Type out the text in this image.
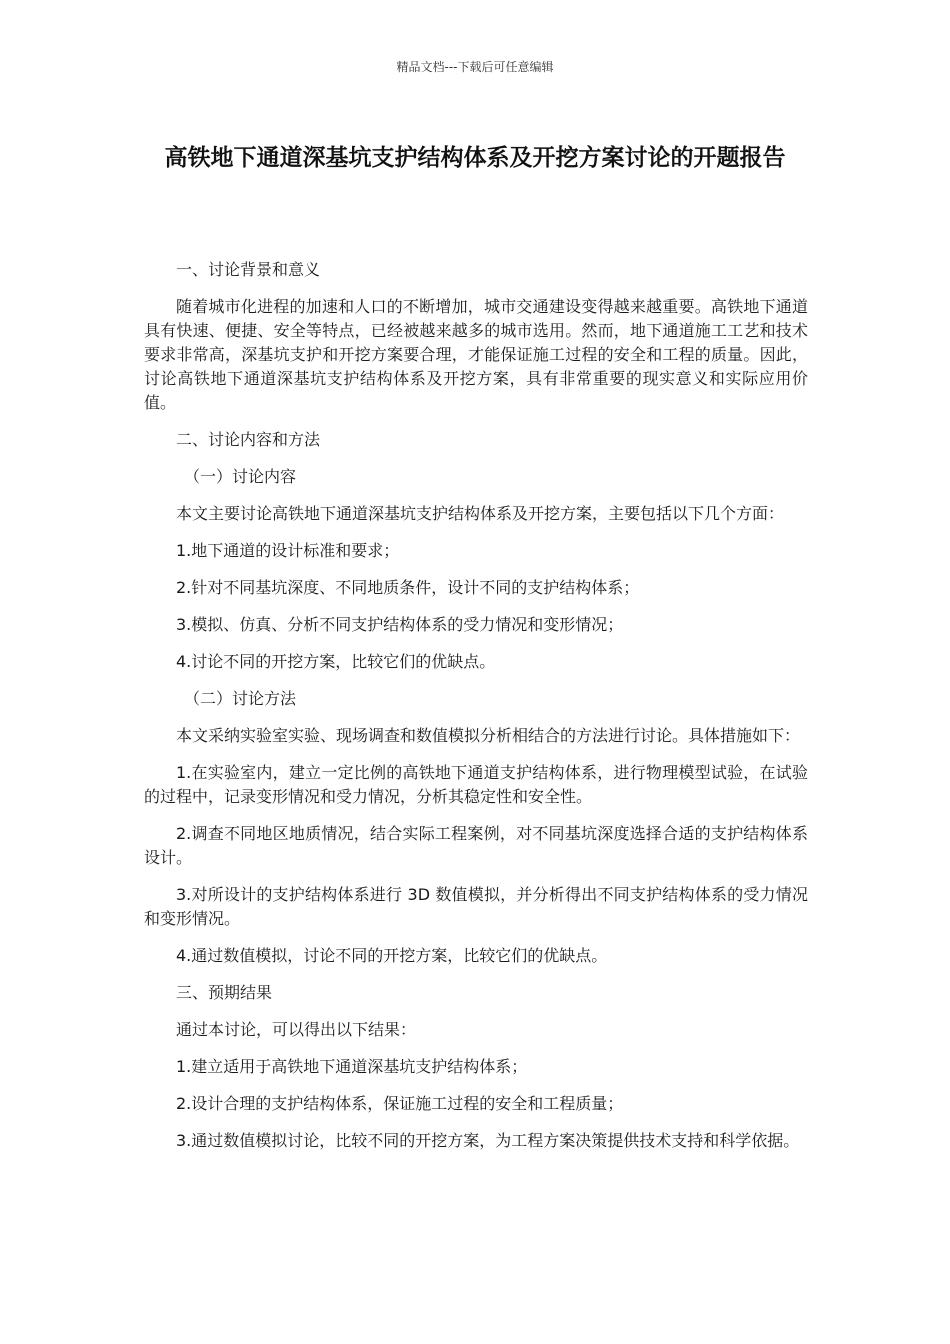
精品文档---下载后可任意编辑
高铁地下通道深基坑支护结构体系及开挖方案讨论的开题报告

一、讨论背景和意义

随着城市化进程的加速和人口的不断增加，城市交通建设变得越来越重要。高铁地下通道具有快速、便捷、安全等特点，已经被越来越多的城市选用。然而，地下通道施工工艺和技术要求非常高，深基坑支护和开挖方案要合理，才能保证施工过程的安全和工程的质量。因此，讨论高铁地下通道深基坑支护结构体系及开挖方案，具有非常重要的现实意义和实际应用价值。

二、讨论内容和方法

（一）讨论内容

本文主要讨论高铁地下通道深基坑支护结构体系及开挖方案，主要包括以下几个方面：

1.地下通道的设计标准和要求；

2.针对不同基坑深度、不同地质条件，设计不同的支护结构体系；

3.模拟、仿真、分析不同支护结构体系的受力情况和变形情况；

4.讨论不同的开挖方案，比较它们的优缺点。

（二）讨论方法

本文采纳实验室实验、现场调查和数值模拟分析相结合的方法进行讨论。具体措施如下：

1.在实验室内，建立一定比例的高铁地下通道支护结构体系，进行物理模型试验，在试验的过程中，记录变形情况和受力情况，分析其稳定性和安全性。

2.调查不同地区地质情况，结合实际工程案例，对不同基坑深度选择合适的支护结构体系设计。

3.对所设计的支护结构体系进行 3D 数值模拟，并分析得出不同支护结构体系的受力情况和变形情况。

4.通过数值模拟，讨论不同的开挖方案，比较它们的优缺点。

三、预期结果

通过本讨论，可以得出以下结果：

1.建立适用于高铁地下通道深基坑支护结构体系；

2.设计合理的支护结构体系，保证施工过程的安全和工程质量；

3.通过数值模拟讨论，比较不同的开挖方案，为工程方案决策提供技术支持和科学依据。
